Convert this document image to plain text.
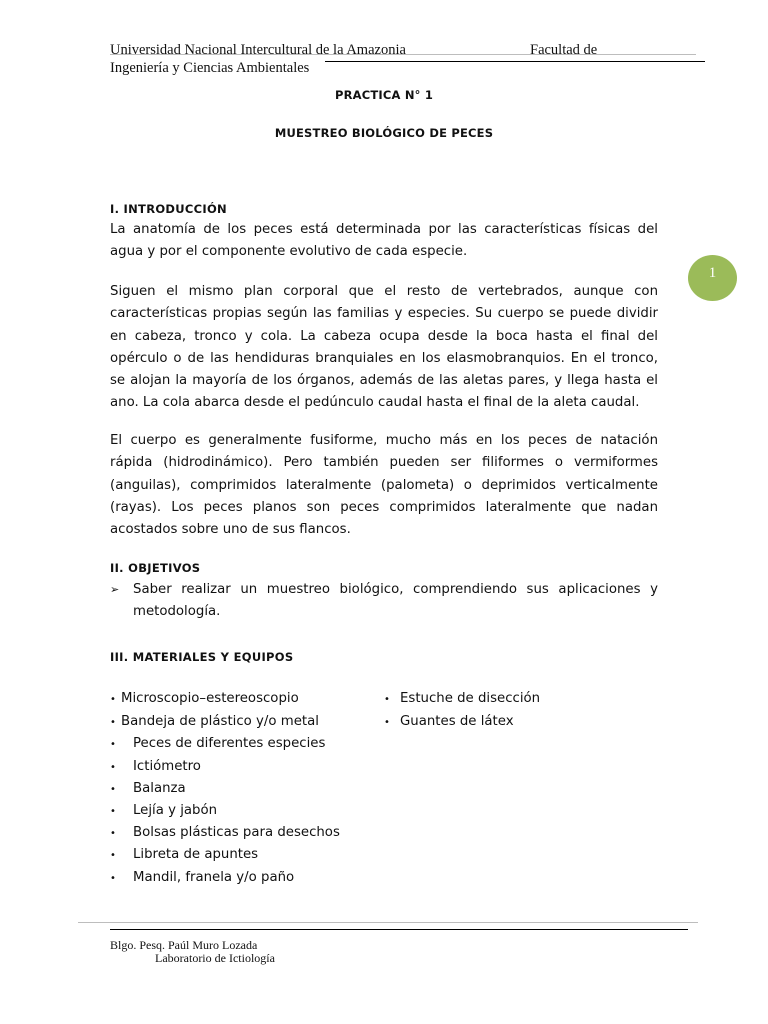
Universidad Nacional Intercultural de la Amazonia	Facultad de
Ingeniería y Ciencias Ambientales
PRACTICA N° 1
MUESTREO BIOLÓGICO DE PECES
1
I. INTRODUCCIÓN
La anatomía de los peces está determinada por las características físicas del agua y por el componente evolutivo de cada especie.
Siguen el mismo plan corporal que el resto de vertebrados, aunque con características propias según las familias y especies. Su cuerpo se puede dividir en cabeza, tronco y cola. La cabeza ocupa desde la boca hasta el final del opérculo o de las hendiduras branquiales en los elasmobranquios. En el tronco, se alojan la mayoría de los órganos, además de las aletas pares, y llega hasta el ano. La cola abarca desde el pedúnculo caudal hasta el final de la aleta caudal.
El cuerpo es generalmente fusiforme, mucho más en los peces de natación rápida (hidrodinámico). Pero también pueden ser filiformes o vermiformes (anguilas), comprimidos lateralmente (palometa) o deprimidos verticalmente (rayas). Los peces planos son peces comprimidos lateralmente que nadan acostados sobre uno de sus flancos.
II. OBJETIVOS
➢ Saber realizar un muestreo biológico, comprendiendo sus aplicaciones y metodología.
III. MATERIALES Y EQUIPOS
• Microscopio–estereoscopio
• Bandeja de plástico y/o metal
• Peces de diferentes especies
• Ictiómetro
• Balanza
• Lejía y jabón
• Bolsas plásticas para desechos
• Libreta de apuntes
• Mandil, franela y/o paño
• Estuche de disección
• Guantes de látex
Blgo. Pesq. Paúl Muro Lozada
Laboratorio de Ictiología
